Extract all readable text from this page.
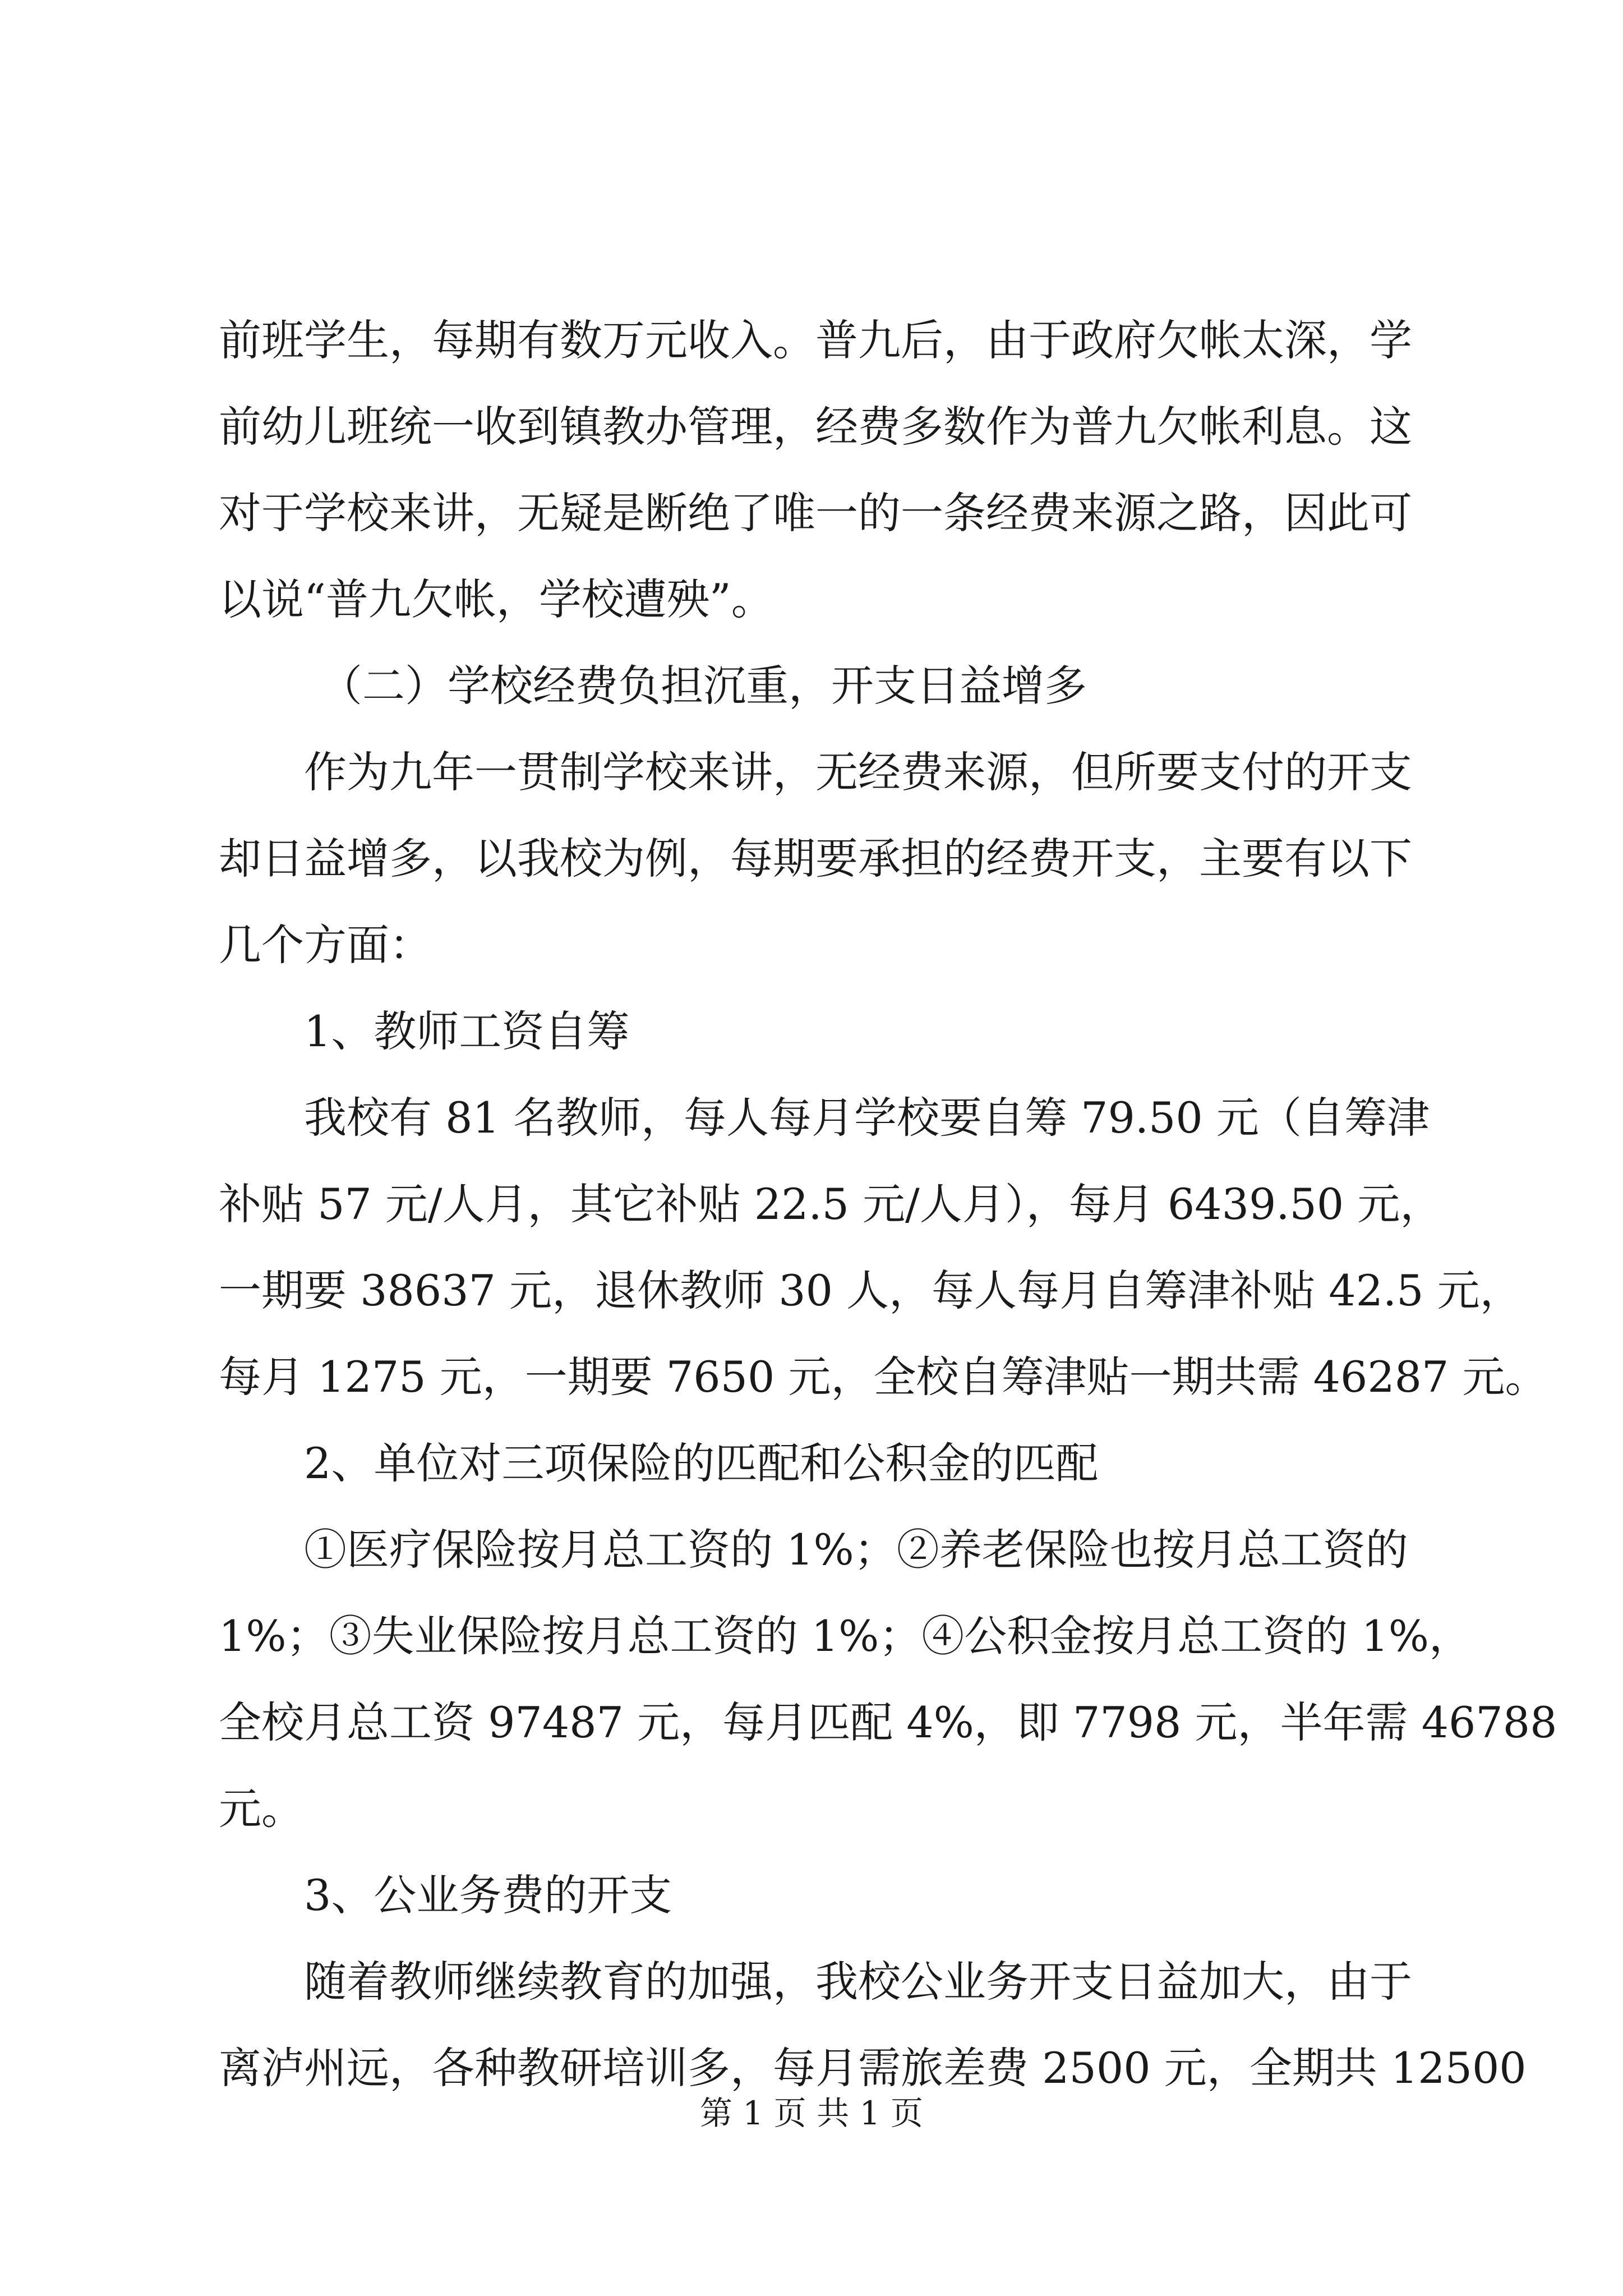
前班学生，每期有数万元收入。普九后，由于政府欠帐太深，学
前幼儿班统一收到镇教办管理，经费多数作为普九欠帐利息。这
对于学校来讲，无疑是断绝了唯一的一条经费来源之路，因此可
以说“普九欠帐，学校遭殃”。
（二）学校经费负担沉重，开支日益增多
作为九年一贯制学校来讲，无经费来源，但所要支付的开支
却日益增多，以我校为例，每期要承担的经费开支，主要有以下
几个方面：
1、教师工资自筹
我校有 81 名教师，每人每月学校要自筹 79.50 元（自筹津
补贴 57 元/人月，其它补贴 22.5 元/人月），每月 6439.50 元，
一期要 38637 元，退休教师 30 人，每人每月自筹津补贴 42.5 元，
每月 1275 元，一期要 7650 元，全校自筹津贴一期共需 46287 元。
2、单位对三项保险的匹配和公积金的匹配
①医疗保险按月总工资的 1%；②养老保险也按月总工资的
1%；③失业保险按月总工资的 1%；④公积金按月总工资的 1%，
全校月总工资 97487 元，每月匹配 4%，即 7798 元，半年需 46788
元。
3、公业务费的开支
随着教师继续教育的加强，我校公业务开支日益加大，由于
离泸州远，各种教研培训多，每月需旅差费 2500 元，全期共 12500
第 1 页 共 1 页
